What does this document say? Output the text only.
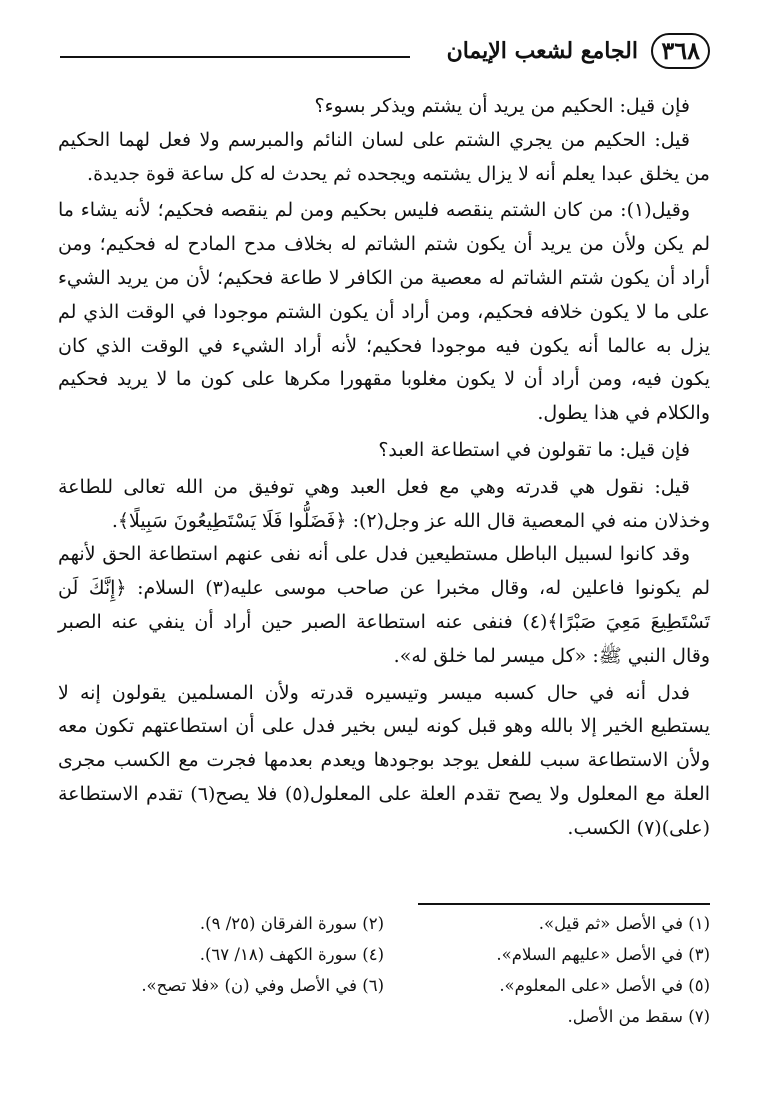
٣٦٨
الجامع لشعب الإيمان

فإن قيل: الحكيم من يريد أن يشتم ويذكر بسوء؟

قيل: الحكيم من يجري الشتم على لسان النائم والمبرسم ولا فعل لهما الحكيم من يخلق عبدا يعلم أنه لا يزال يشتمه ويجحده ثم يحدث له كل ساعة قوة جديدة.

وقيل(١): من كان الشتم ينقصه فليس بحكيم ومن لم ينقصه فحكيم؛ لأنه يشاء ما لم يكن ولأن من يريد أن يكون شتم الشاتم له بخلاف مدح المادح له فحكيم؛ ومن أراد أن يكون شتم الشاتم له معصية من الكافر لا طاعة فحكيم؛ لأن من يريد الشيء على ما لا يكون خلافه فحكيم، ومن أراد أن يكون الشتم موجودا في الوقت الذي لم يزل به عالما أنه يكون فيه موجودا فحكيم؛ لأنه أراد الشيء في الوقت الذي كان يكون فيه، ومن أراد أن لا يكون مغلوبا مقهورا مكرها على كون ما لا يريد فحكيم والكلام في هذا يطول.

فإن قيل: ما تقولون في استطاعة العبد؟

قيل: نقول هي قدرته وهي مع فعل العبد وهي توفيق من الله تعالى للطاعة وخذلان منه في المعصية قال الله عز وجل(٢): ﴿فَضَلُّوا فَلَا يَسْتَطِيعُونَ سَبِيلًا﴾.

وقد كانوا لسبيل الباطل مستطيعين فدل على أنه نفى عنهم استطاعة الحق لأنهم لم يكونوا فاعلين له، وقال مخبرا عن صاحب موسى عليه(٣) السلام: ﴿إِنَّكَ لَن تَسْتَطِيعَ مَعِيَ صَبْرًا﴾(٤) فنفى عنه استطاعة الصبر حين أراد أن ينفي عنه الصبر وقال النبي ﷺ: «كل ميسر لما خلق له».

فدل أنه في حال كسبه ميسر وتيسيره قدرته ولأن المسلمين يقولون إنه لا يستطيع الخير إلا بالله وهو قبل كونه ليس بخير فدل على أن استطاعتهم تكون معه ولأن الاستطاعة سبب للفعل يوجد بوجودها ويعدم بعدمها فجرت مع الكسب مجرى العلة مع المعلول ولا يصح تقدم العلة على المعلول(٥) فلا يصح(٦) تقدم الاستطاعة (على)(٧) الكسب.

(١) في الأصل «ثم قيل».
(٢) سورة الفرقان (٢٥/ ٩).
(٣) في الأصل «عليهم السلام».
(٤) سورة الكهف (١٨/ ٦٧).
(٥) في الأصل «على المعلوم».
(٦) في الأصل وفي (ن) «فلا تصح».
(٧) سقط من الأصل.
